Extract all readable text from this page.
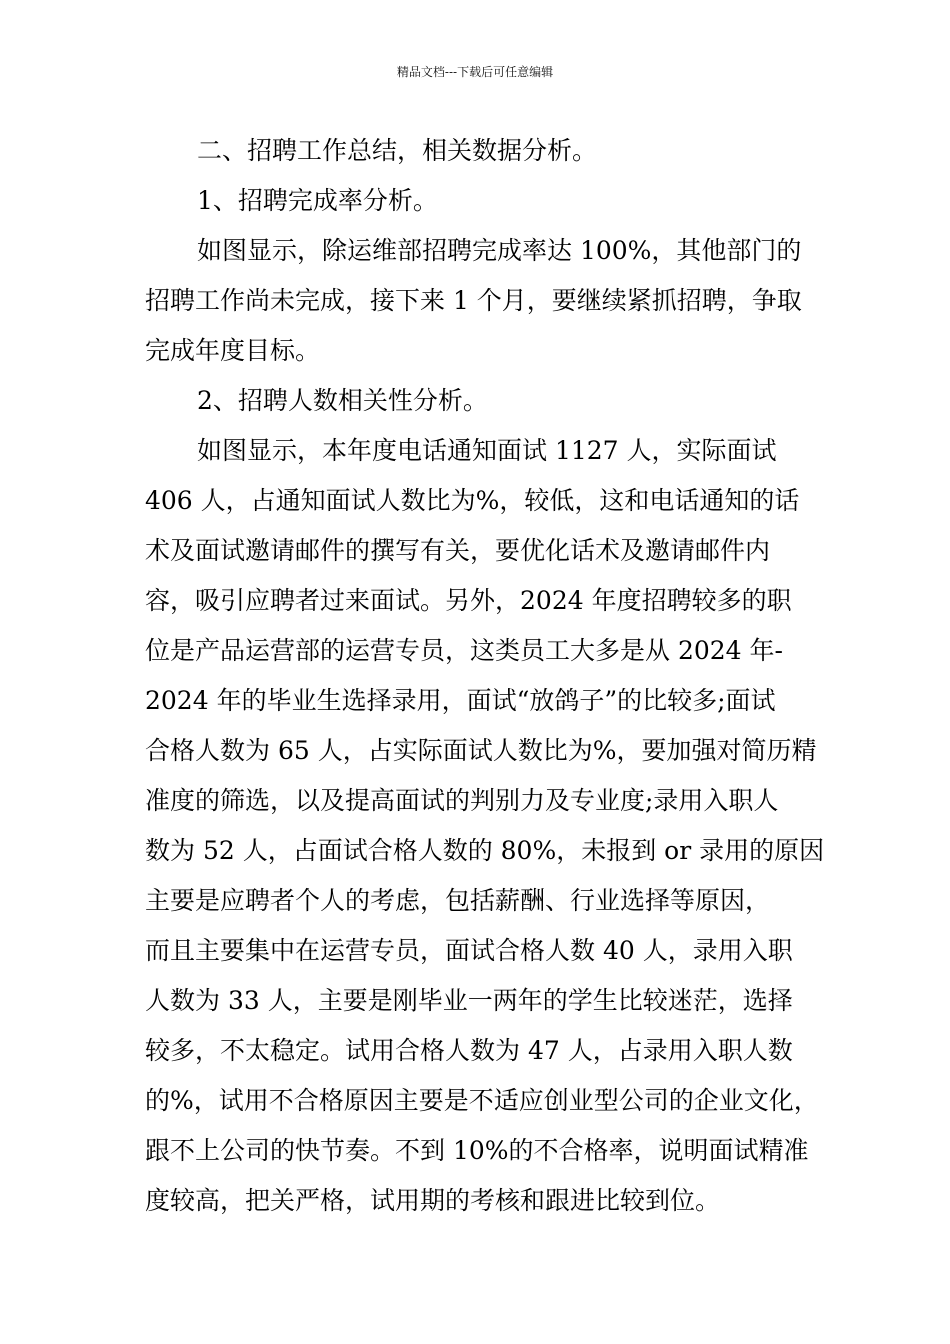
精品文档---下载后可任意编辑
二、招聘工作总结，相关数据分析。
1、招聘完成率分析。
如图显示，除运维部招聘完成率达 100%，其他部门的
招聘工作尚未完成，接下来 1 个月，要继续紧抓招聘，争取
完成年度目标。
2、招聘人数相关性分析。
如图显示，本年度电话通知面试 1127 人，实际面试
406 人，占通知面试人数比为%，较低，这和电话通知的话
术及面试邀请邮件的撰写有关，要优化话术及邀请邮件内
容，吸引应聘者过来面试。另外，2024 年度招聘较多的职
位是产品运营部的运营专员，这类员工大多是从 2024 年-
2024 年的毕业生选择录用，面试“放鸽子”的比较多;面试
合格人数为 65 人，占实际面试人数比为%，要加强对简历精
准度的筛选，以及提高面试的判别力及专业度;录用入职人
数为 52 人，占面试合格人数的 80%，未报到 or 录用的原因
主要是应聘者个人的考虑，包括薪酬、行业选择等原因，
而且主要集中在运营专员，面试合格人数 40 人，录用入职
人数为 33 人，主要是刚毕业一两年的学生比较迷茫，选择
较多，不太稳定。试用合格人数为 47 人，占录用入职人数
的%，试用不合格原因主要是不适应创业型公司的企业文化，
跟不上公司的快节奏。不到 10%的不合格率，说明面试精准
度较高，把关严格，试用期的考核和跟进比较到位。
